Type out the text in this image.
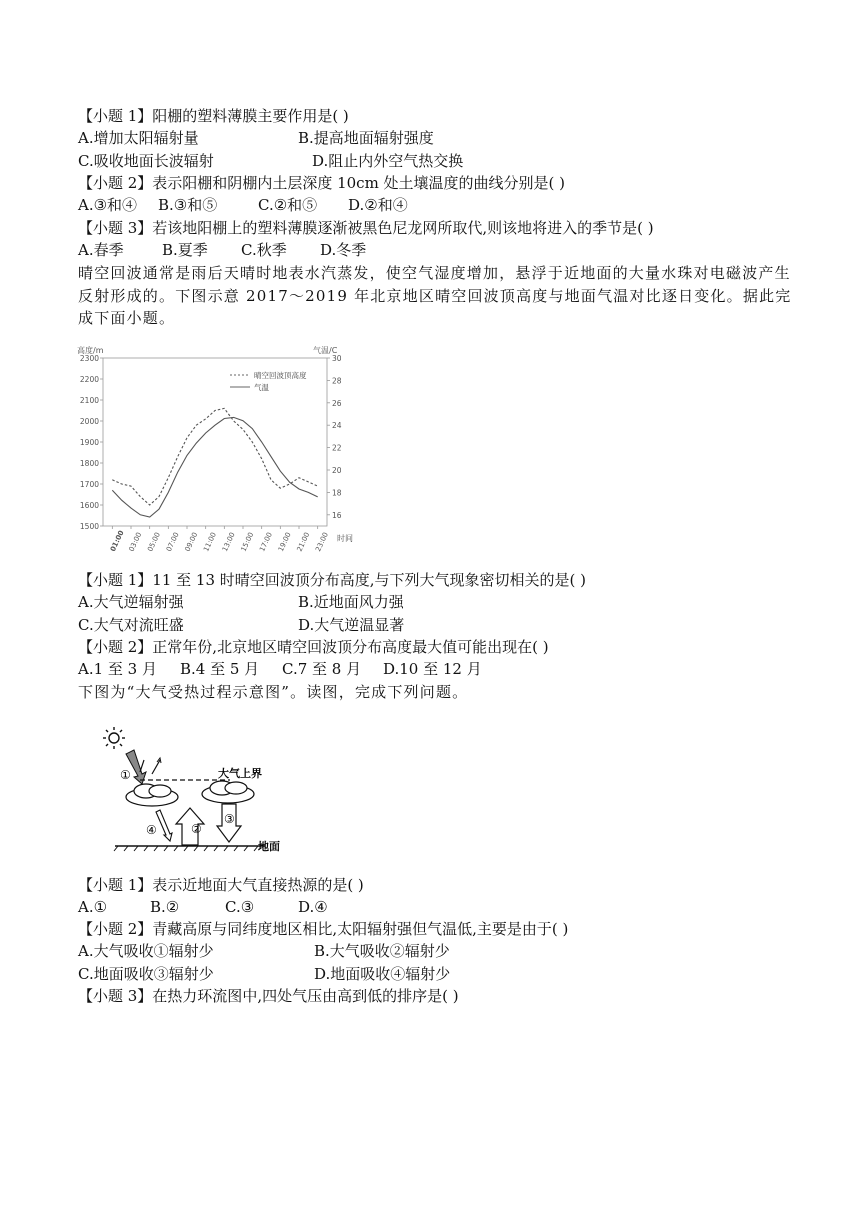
【小题 1】阳棚的塑料薄膜主要作用是( )
A.增加太阳辐射量	B.提高地面辐射强度
C.吸收地面长波辐射	D.阻止内外空气热交换
【小题 2】表示阳棚和阴棚内土层深度 10cm 处土壤温度的曲线分别是( )
A.③和④ B.③和⑤	C.②和⑤ D.②和④
【小题 3】若该地阳棚上的塑料薄膜逐渐被黑色尼龙网所取代,则该地将进入的季节是( )
A.春季	B.夏季 C.秋季 D.冬季
晴空回波通常是雨后天晴时地表水汽蒸发，使空气湿度增加，悬浮于近地面的大量水珠对电磁波产生反射形成的。下图示意 2017～2019 年北京地区晴空回波顶高度与地面气温对比逐日变化。据此完成下面小题。
高度/m	气温/C
时间
2300
2200
2100
2000
1900
1800
1700
1600
1500
30
28
26
24
22
20
18
16
01:00 03:00 05:00 07:00 09:00 11:00 13:00 15:00 17:00 19:00 21:00 23:00
晴空回波顶高度
气温
【小题 1】11 至 13 时晴空回波顶分布高度,与下列大气现象密切相关的是( )
A.大气逆辐射强	B.近地面风力强
C.大气对流旺盛	D.大气逆温显著
【小题 2】正常年份,北京地区晴空回波顶分布高度最大值可能出现在( )
A.1 至 3 月 B.4 至 5 月 C.7 至 8 月 D.10 至 12 月
下图为“大气受热过程示意图”。读图，完成下列问题。
①	大气上界
④	②
③
地面
【小题 1】表示近地面大气直接热源的是( )
A.①	B.②	C.③	D.④
【小题 2】青藏高原与同纬度地区相比,太阳辐射强但气温低,主要是由于( )
A.大气吸收①辐射少	B.大气吸收②辐射少
C.地面吸收③辐射少	D.地面吸收④辐射少
【小题 3】在热力环流图中,四处气压由高到低的排序是( )
